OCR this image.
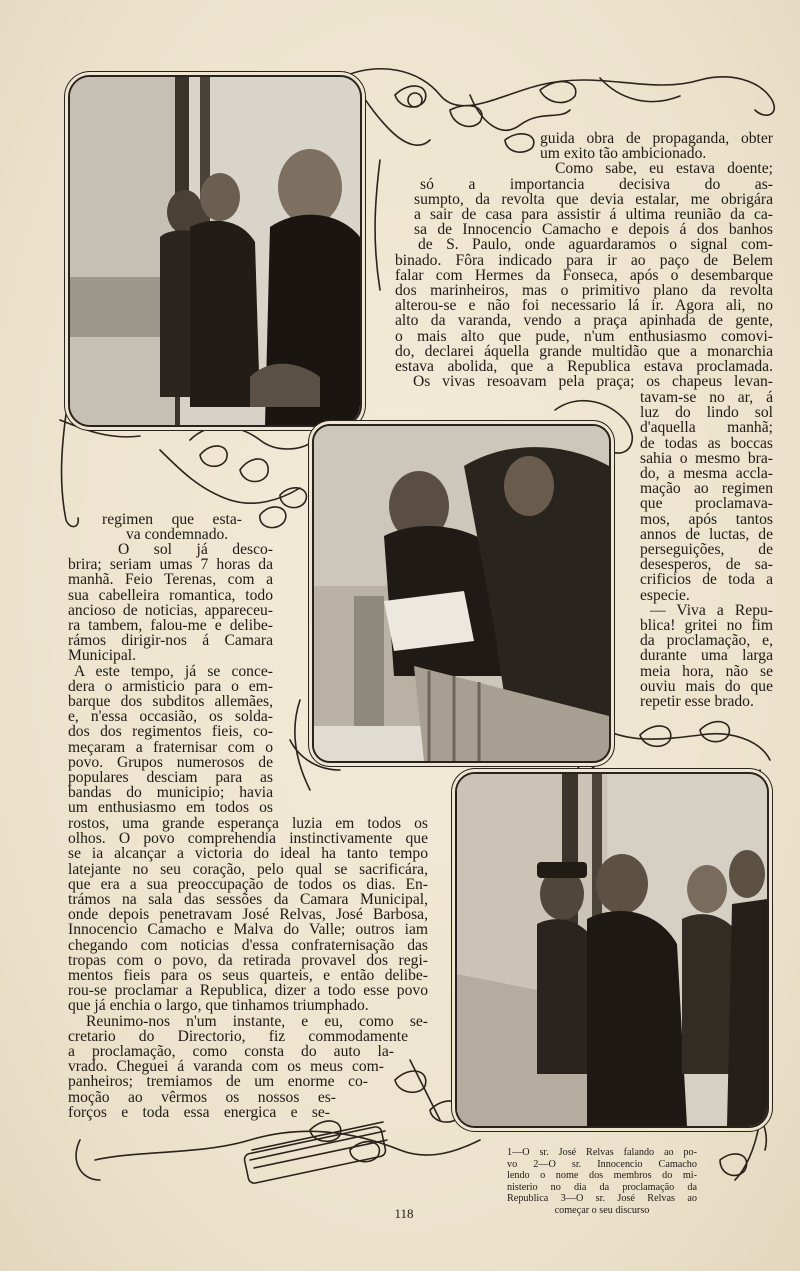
guida obra de propaganda, obter
um exito tão ambicionado.
Como sabe, eu estava doente;
só a importancia decisiva do as-
sumpto, da revolta que devia estalar, me obrigára
a sair de casa para assistir á ultima reunião da ca-
sa de Innocencio Camacho e depois á dos banhos
de S. Paulo, onde aguardaramos o signal com-
binado. Fôra indicado para ir ao paço de Belem
falar com Hermes da Fonseca, após o desembarque
dos marinheiros, mas o primitivo plano da revolta
alterou-se e não foi necessario lá ir. Agora ali, no
alto da varanda, vendo a praça apinhada de gente,
o mais alto que pude, n'um enthusiasmo comovi-
do, declarei áquella grande multidão que a monarchia
estava abolida, que a Republica estava proclamada.
Os vivas resoavam pela praça; os chapeus levan-
tavam-se no ar, á
luz do lindo sol
d'aquella manhã;
de todas as boccas
sahia o mesmo bra-
do, a mesma accla-
mação ao regimen
que proclamava-
mos, após tantos
annos de luctas, de
perseguições, de
desesperos, de sa-
crificios de toda a
especie.
— Viva a Repu-
blica! gritei no fim
da proclamação, e,
durante uma larga
meia hora, não se
ouviu mais do que
repetir esse brado.
regimen que esta-
va condemnado.
O sol já desco-
brira; seriam umas 7 horas da
manhã. Feio Terenas, com a
sua cabelleira romantica, todo
ancioso de noticias, appareceu-
ra tambem, falou-me e delibe-
rámos dirigir-nos á Camara
Municipal.
A este tempo, já se conce-
dera o armisticio para o em-
barque dos subditos allemães,
e, n'essa occasião, os solda-
dos dos regimentos fieis, co-
meçaram a fraternisar com o
povo. Grupos numerosos de
populares desciam para as
bandas do municipio; havia
um enthusiasmo em todos os
rostos, uma grande esperança luzia em todos os
olhos. O povo comprehendia instinctivamente que
se ia alcançar a victoria do ideal ha tanto tempo
latejante no seu coração, pelo qual se sacrificára,
que era a sua preoccupação de todos os dias. En-
trámos na sala das sessões da Camara Municipal,
onde depois penetravam José Relvas, José Barbosa,
Innocencio Camacho e Malva do Valle; outros iam
chegando com noticias d'essa confraternisação das
tropas com o povo, da retirada provavel dos regi-
mentos fieis para os seus quarteis, e então delibe-
rou-se proclamar a Republica, dizer a todo esse povo
que já enchia o largo, que tinhamos triumphado.
Reunimo-nos n'um instante, e eu, como se-
cretario do Directorio, fiz commodamente
a proclamação, como consta do auto la-
vrado. Cheguei á varanda com os meus com-
panheiros; tremiamos de um enorme co-
moção ao vêrmos os nossos es-
forços e toda essa energica e se-
1—O sr. José Relvas falando ao po-
vo 2—O sr. Innocencio Camacho
lendo o nome dos membros do mi-
nisterio no dia da proclamação da
Republica 3—O sr. José Relvas ao
começar o seu discurso
118
